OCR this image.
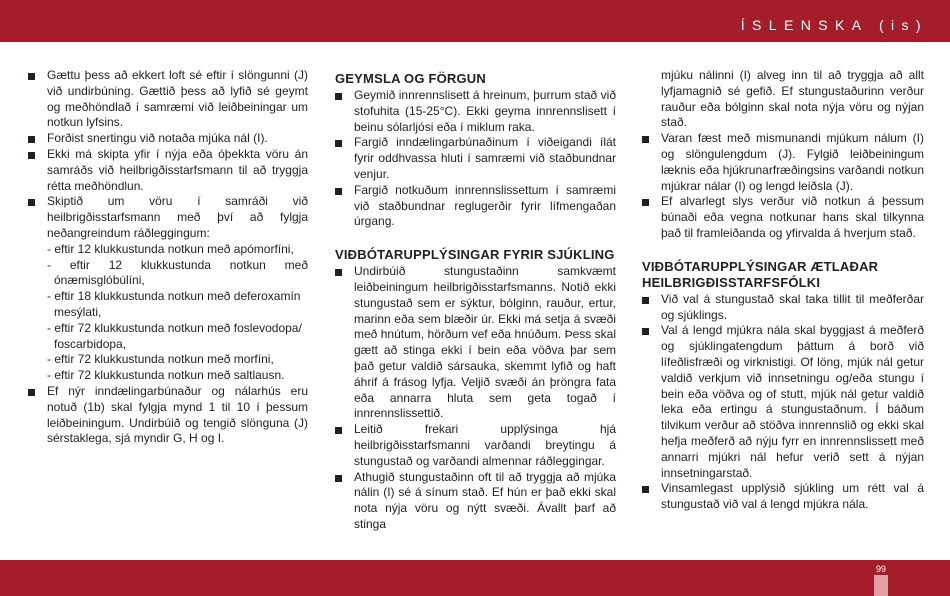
ÍSLENSKA (is)

Gættu þess að ekkert loft sé eftir í slöngunni (J) við undirbúning. Gættið þess að lyfið sé geymt og meðhöndlað í samræmi við leiðbeiningar um notkun lyfsins.

Forðist snertingu við notaða mjúka nál (I).

Ekki má skipta yfir í nýja eða óþekkta vöru án samráðs við heilbrigðisstarfsmann til að tryggja rétta meðhöndlun.

Skiptið um vöru í samráði við heilbrigðisstarfsmann með því að fylgja neðangreindum ráðleggingum:

- eftir 12 klukkustunda notkun með apómorfíni,

- eftir 12 klukkustunda notkun með

ónæmisglóbúlíni,

- eftir 18 klukkustunda notkun með deferoxamín

mesýlati,

- eftir 72 klukkustunda notkun með foslevodopa/

foscarbidopa,

- eftir 72 klukkustunda notkun með morfíni,

- eftir 72 klukkustunda notkun með saltlausn.

Ef nýr inndælingarbúnaður og nálarhús eru notuð (1b) skal fylgja mynd 1 til 10 í þessum leiðbeiningum. Undirbúið og tengið slönguna (J) sérstaklega, sjá myndir G, H og I.

GEYMSLA OG FÖRGUN

Geymið innrennslisett á hreinum, þurrum stað við stofuhita (15-25°C). Ekki geyma innrennslisett í beinu sólarljósi eða í miklum raka.

Fargið inndælingarbúnaðinum í viðeigandi ílát fyrir oddhvassa hluti í samræmi við staðbundnar venjur.

Fargið notkuðum innrennslissettum í samræmi við staðbundnar reglugerðir fyrir lífmengaðan úrgang.

VIÐBÓTARUPPLÝSINGAR FYRIR SJÚKLING

Undirbúið stungustaðinn samkvæmt leiðbeiningum heilbrigðisstarfsmanns. Notið ekki stungustað sem er sýktur, bólginn, rauður, ertur, marinn eða sem blæðir úr. Ekki má setja á svæði með hnútum, hörðum vef eða hnúðum. Þess skal gætt að stinga ekki í bein eða vöðva þar sem það getur valdið sársauka, skemmt lyfið og haft áhrif á frásog lyfja. Veljið svæði án þröngra fata eða annarra hluta sem geta togað í innrennslissettið.

Leitið frekari upplýsinga hjá heilbrigðisstarfsmanni varðandi breytingu á stungustað og varðandi almennar ráðleggingar.

Athugið stungustaðinn oft til að tryggja að mjúka nálin (I) sé á sínum stað. Ef hún er það ekki skal nota nýja vöru og nýtt svæði. Ávallt þarf að stinga

mjúku nálinni (I) alveg inn til að tryggja að allt lyfjamagnið sé gefið. Ef stungustaðurinn verður rauður eða bólginn skal nota nýja vöru og nýjan stað.

Varan fæst með mismunandi mjúkum nálum (I) og slöngulengdum (J). Fylgið leiðbeiningum læknis eða hjúkrunarfræðingsins varðandi notkun mjúkrar nálar (I) og lengd leiðsla (J).

Ef alvarlegt slys verður við notkun á þessum búnaði eða vegna notkunar hans skal tilkynna það til framleiðanda og yfirvalda á hverjum stað.

VIÐBÓTARUPPLÝSINGAR ÆTLAÐAR HEILBRIGÐISSTARFSFÓLKI

Við val á stungustað skal taka tillit til meðferðar og sjúklings.

Val á lengd mjúkra nála skal byggjast á meðferð og sjúklingatengdum þáttum á borð við lífeðlisfræði og virknistigi. Of löng, mjúk nál getur valdið verkjum við innsetningu og/eða stungu í bein eða vöðva og of stutt, mjúk nál getur valdið leka eða ertingu á stungustaðnum. Í báðum tilvikum verður að stöðva innrennslið og ekki skal hefja meðferð að nýju fyrr en innrennslissett með annarri mjúkri nál hefur verið sett á nýjan innsetningarstað.

Vinsamlegast upplýsið sjúkling um rétt val á stungustað við val á lengd mjúkra nála.

99
